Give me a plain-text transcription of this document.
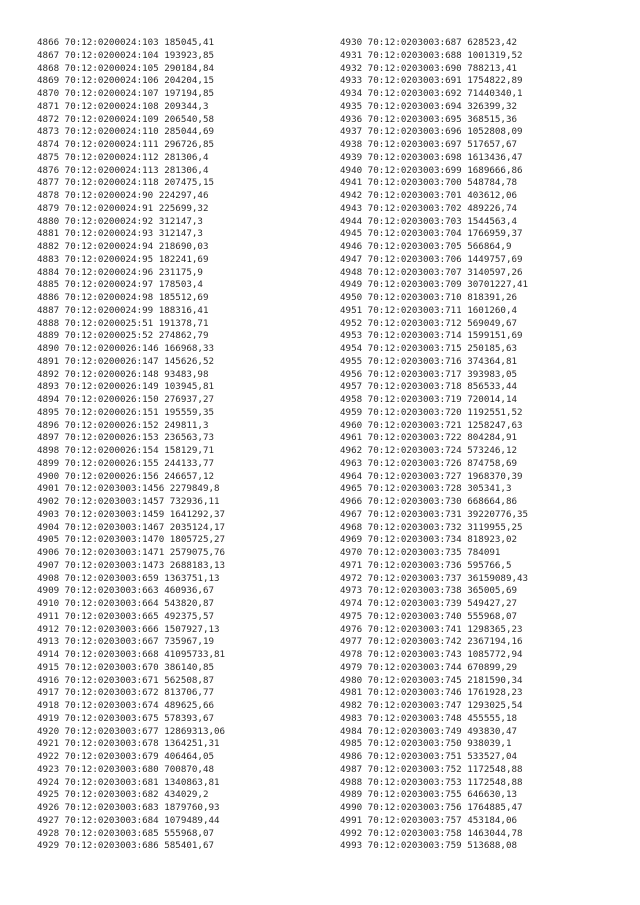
4866 70:12:0200024:103 185045,41
4867 70:12:0200024:104 193923,85
4868 70:12:0200024:105 290184,84
4869 70:12:0200024:106 204204,15
4870 70:12:0200024:107 197194,85
4871 70:12:0200024:108 209344,3
4872 70:12:0200024:109 206540,58
4873 70:12:0200024:110 285044,69
4874 70:12:0200024:111 296726,85
4875 70:12:0200024:112 281306,4
4876 70:12:0200024:113 281306,4
4877 70:12:0200024:118 207475,15
4878 70:12:0200024:90 224297,46
4879 70:12:0200024:91 225699,32
4880 70:12:0200024:92 312147,3
4881 70:12:0200024:93 312147,3
4882 70:12:0200024:94 218690,03
4883 70:12:0200024:95 182241,69
4884 70:12:0200024:96 231175,9
4885 70:12:0200024:97 178503,4
4886 70:12:0200024:98 185512,69
4887 70:12:0200024:99 188316,41
4888 70:12:0200025:51 191378,71
4889 70:12:0200025:52 274862,79
4890 70:12:0200026:146 166968,33
4891 70:12:0200026:147 145626,52
4892 70:12:0200026:148 93483,98
4893 70:12:0200026:149 103945,81
4894 70:12:0200026:150 276937,27
4895 70:12:0200026:151 195559,35
4896 70:12:0200026:152 249811,3
4897 70:12:0200026:153 236563,73
4898 70:12:0200026:154 158129,71
4899 70:12:0200026:155 244133,77
4900 70:12:0200026:156 246657,12
4901 70:12:0203003:1456 2279849,8
4902 70:12:0203003:1457 732936,11
4903 70:12:0203003:1459 1641292,37
4904 70:12:0203003:1467 2035124,17
4905 70:12:0203003:1470 1805725,27
4906 70:12:0203003:1471 2579075,76
4907 70:12:0203003:1473 2688183,13
4908 70:12:0203003:659 1363751,13
4909 70:12:0203003:663 460936,67
4910 70:12:0203003:664 543820,87
4911 70:12:0203003:665 492375,57
4912 70:12:0203003:666 1507927,13
4913 70:12:0203003:667 735967,19
4914 70:12:0203003:668 41095733,81
4915 70:12:0203003:670 386140,85
4916 70:12:0203003:671 562508,87
4917 70:12:0203003:672 813706,77
4918 70:12:0203003:674 489625,66
4919 70:12:0203003:675 578393,67
4920 70:12:0203003:677 12869313,06
4921 70:12:0203003:678 1364251,31
4922 70:12:0203003:679 406464,05
4923 70:12:0203003:680 700870,48
4924 70:12:0203003:681 1340863,81
4925 70:12:0203003:682 434029,2
4926 70:12:0203003:683 1879760,93
4927 70:12:0203003:684 1079489,44
4928 70:12:0203003:685 555968,07
4929 70:12:0203003:686 585401,67
4930 70:12:0203003:687 628523,42
4931 70:12:0203003:688 1001319,52
4932 70:12:0203003:690 788213,41
4933 70:12:0203003:691 1754822,89
4934 70:12:0203003:692 71440340,1
4935 70:12:0203003:694 326399,32
4936 70:12:0203003:695 368515,36
4937 70:12:0203003:696 1052808,09
4938 70:12:0203003:697 517657,67
4939 70:12:0203003:698 1613436,47
4940 70:12:0203003:699 1689666,86
4941 70:12:0203003:700 548784,78
4942 70:12:0203003:701 403612,06
4943 70:12:0203003:702 489226,74
4944 70:12:0203003:703 1544563,4
4945 70:12:0203003:704 1766959,37
4946 70:12:0203003:705 566864,9
4947 70:12:0203003:706 1449757,69
4948 70:12:0203003:707 3140597,26
4949 70:12:0203003:709 30701227,41
4950 70:12:0203003:710 818391,26
4951 70:12:0203003:711 1601260,4
4952 70:12:0203003:712 569049,67
4953 70:12:0203003:714 1599151,69
4954 70:12:0203003:715 250185,63
4955 70:12:0203003:716 374364,81
4956 70:12:0203003:717 393983,05
4957 70:12:0203003:718 856533,44
4958 70:12:0203003:719 720014,14
4959 70:12:0203003:720 1192551,52
4960 70:12:0203003:721 1258247,63
4961 70:12:0203003:722 804284,91
4962 70:12:0203003:724 573246,12
4963 70:12:0203003:726 874758,69
4964 70:12:0203003:727 1968370,39
4965 70:12:0203003:728 305341,3
4966 70:12:0203003:730 668664,86
4967 70:12:0203003:731 39220776,35
4968 70:12:0203003:732 3119955,25
4969 70:12:0203003:734 818923,02
4970 70:12:0203003:735 784091
4971 70:12:0203003:736 595766,5
4972 70:12:0203003:737 36159089,43
4973 70:12:0203003:738 365005,69
4974 70:12:0203003:739 549427,27
4975 70:12:0203003:740 555968,07
4976 70:12:0203003:741 1298365,23
4977 70:12:0203003:742 2367194,16
4978 70:12:0203003:743 1085772,94
4979 70:12:0203003:744 670899,29
4980 70:12:0203003:745 2181590,34
4981 70:12:0203003:746 1761928,23
4982 70:12:0203003:747 1293025,54
4983 70:12:0203003:748 455555,18
4984 70:12:0203003:749 493830,47
4985 70:12:0203003:750 938039,1
4986 70:12:0203003:751 533527,04
4987 70:12:0203003:752 1172548,88
4988 70:12:0203003:753 1172548,88
4989 70:12:0203003:755 646630,13
4990 70:12:0203003:756 1764885,47
4991 70:12:0203003:757 453184,06
4992 70:12:0203003:758 1463044,78
4993 70:12:0203003:759 513688,08
